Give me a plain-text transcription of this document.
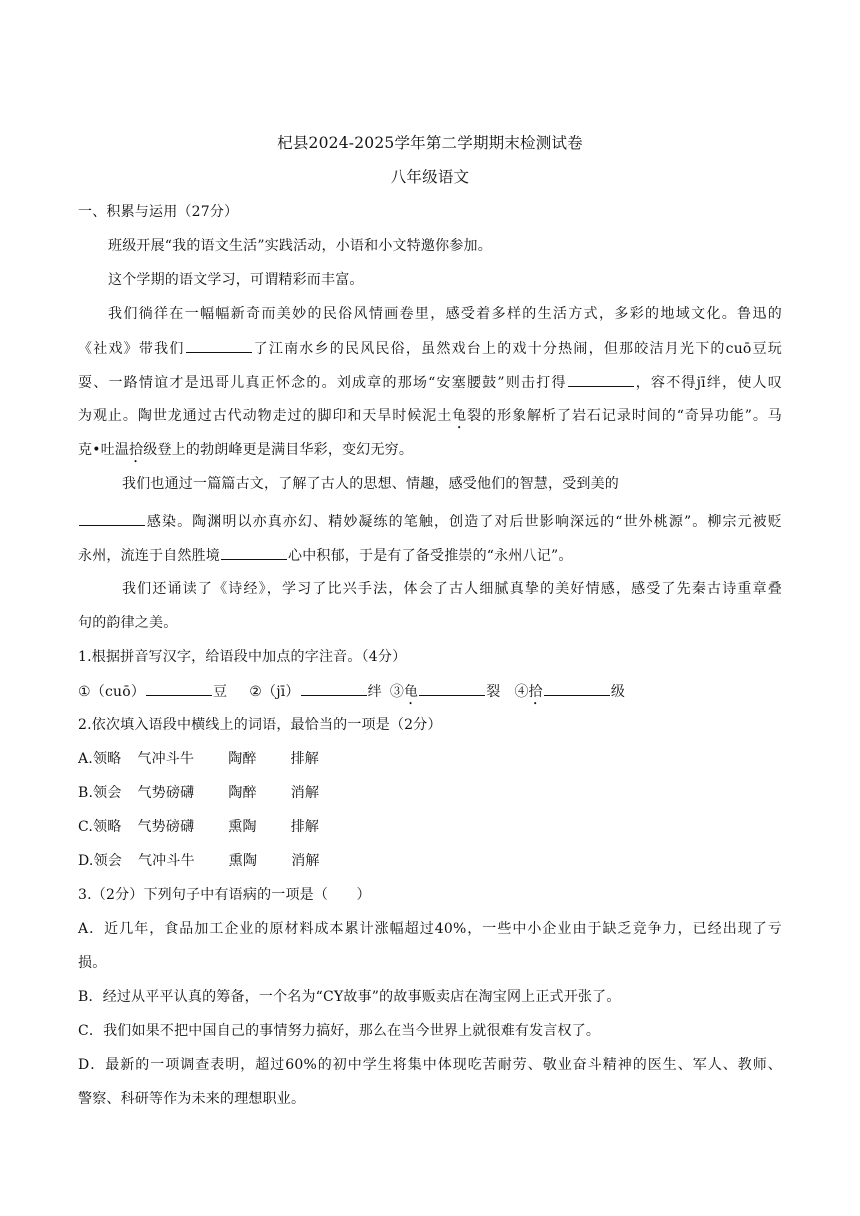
杞县2024-2025学年第二学期期末检测试卷
八年级语文
一、积累与运用（27分）
班级开展“我的语文生活”实践活动，小语和小文特邀你参加。
这个学期的语文学习，可谓精彩而丰富。
我们徜徉在一幅幅新奇而美妙的民俗风情画卷里，感受着多样的生活方式，多彩的地域文化。鲁迅的
《社戏》带我们	了江南水乡的民风民俗，虽然戏台上的戏十分热闹，但那皎洁月光下的cuō豆玩
耍、一路情谊才是迅哥儿真正怀念的。刘成章的那场“安塞腰鼓”则击打得	，容不得jī绊，使人叹
为观止。陶世龙通过古代动物走过的脚印和天旱时候泥土龟裂的形象解析了岩石记录时间的“奇异功能”。马
克•吐温拾级登上的勃朗峰更是满目华彩，变幻无穷。
我们也通过一篇篇古文，了解了古人的思想、情趣，感受他们的智慧，受到美的
感染。陶渊明以亦真亦幻、精妙凝练的笔触，创造了对后世影响深远的“世外桃源”。柳宗元被贬
永州，流连于自然胜境	心中积郁，于是有了备受推崇的“永州八记”。
我们还诵读了《诗经》，学习了比兴手法，体会了古人细腻真挚的美好情感，感受了先秦古诗重章叠
句的韵律之美。
1.根据拼音写汉字，给语段中加点的字注音。（4分）
①（cuō）	豆 ②（jī）	绊 ③龟	裂 ④拾	级
2.依次填入语段中横线上的词语，最恰当的一项是（2分）
A.领略 气冲斗牛 陶醉 排解
B.领会 气势磅礴 陶醉 消解
C.领略 气势磅礴 熏陶 排解
D.领会 气冲斗牛 熏陶 消解
3.（2分）下列句子中有语病的一项是（　　）
A．近几年，食品加工企业的原材料成本累计涨幅超过40%，一些中小企业由于缺乏竞争力，已经出现了亏
损。
B．经过从平平认真的筹备，一个名为“CY故事”的故事贩卖店在淘宝网上正式开张了。
C．我们如果不把中国自己的事情努力搞好，那么在当今世界上就很难有发言权了。
D．最新的一项调查表明，超过60%的初中学生将集中体现吃苦耐劳、敬业奋斗精神的医生、军人、教师、
警察、科研等作为未来的理想职业。
